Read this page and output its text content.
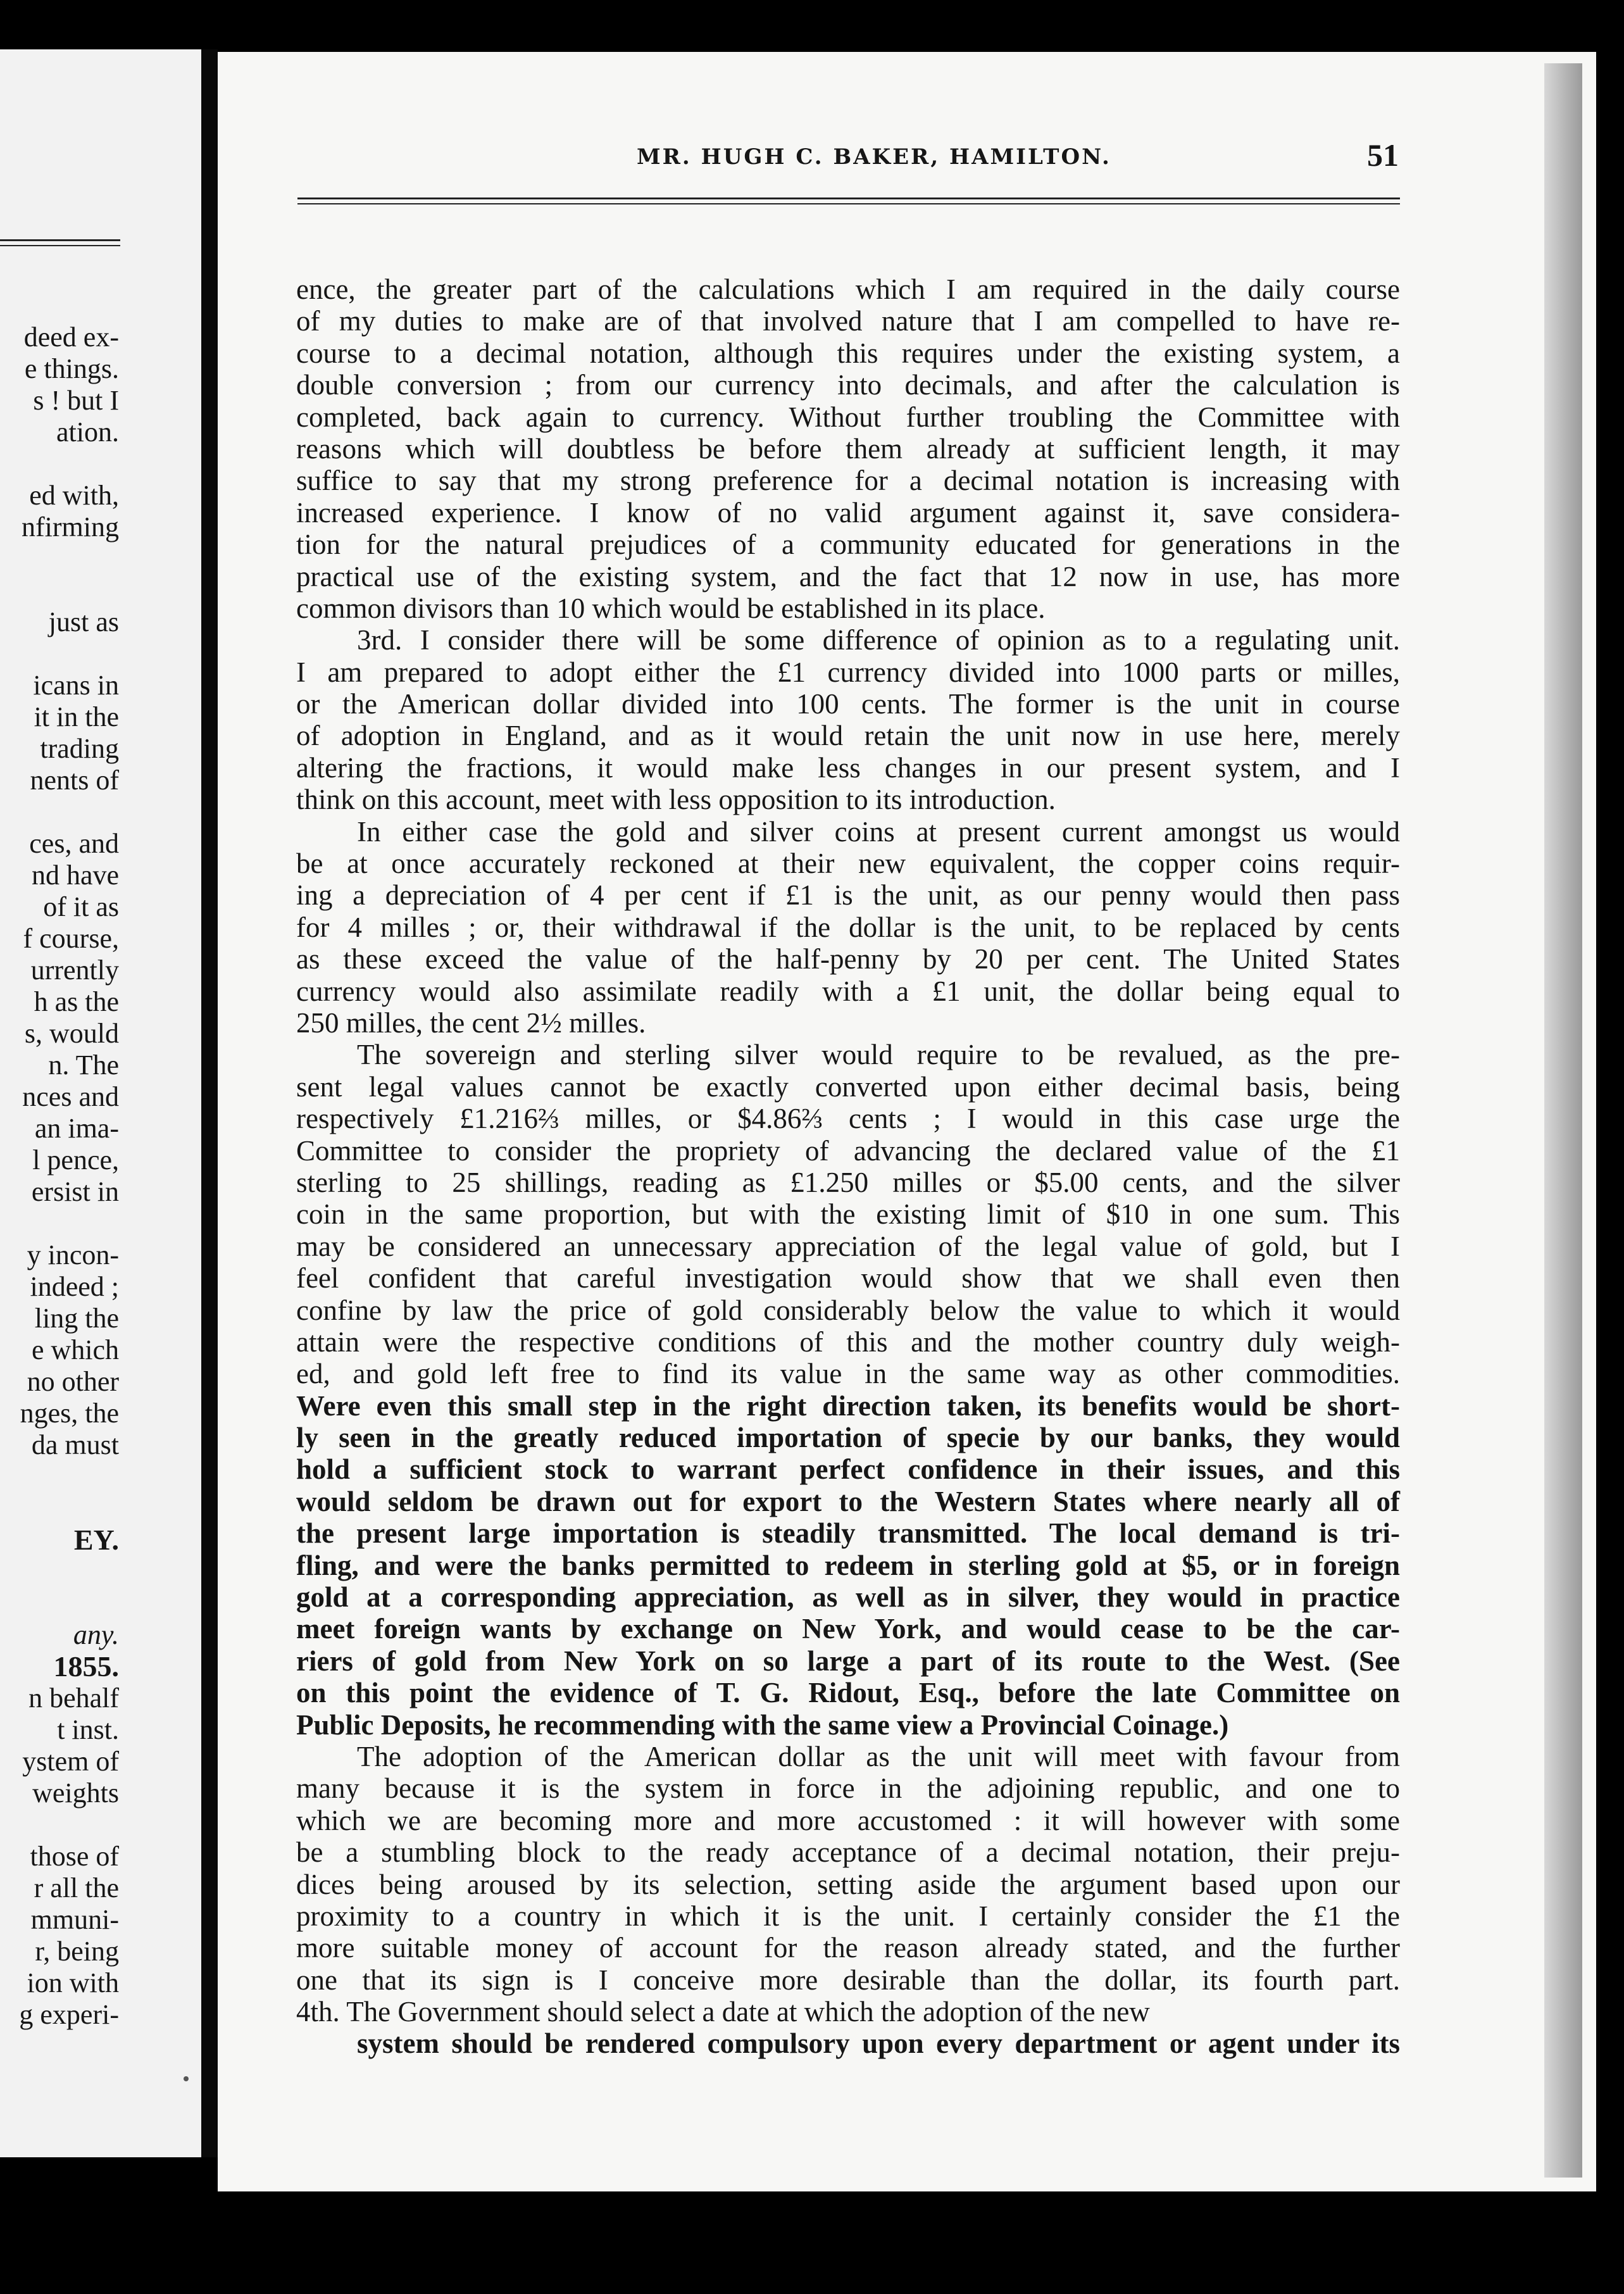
deed ex-
e things.
s ! but I
ation.
ed with,
nfirming
just as
icans in
it in the
trading
nents of
ces, and
nd have
of it as
f course,
urrently
h as the
s, would
n. The
nces and
an ima-
l pence,
ersist in
y incon-
indeed ;
ling the
e which
no other
nges, the
da must
EY.
any.
1855.
n behalf
t inst.
ystem of
weights
those of
r all the
mmuni-
r, being
ion with
g experi-
MR. HUGH C. BAKER, HAMILTON.	51
ence, the greater part of the calculations which I am required in the daily course
of my duties to make are of that involved nature that I am compelled to have re-
course to a decimal notation, although this requires under the existing system, a
double conversion ; from our currency into decimals, and after the calculation is
completed, back again to currency. Without further troubling the Committee with
reasons which will doubtless be before them already at sufficient length, it may
suffice to say that my strong preference for a decimal notation is increasing with
increased experience. I know of no valid argument against it, save considera-
tion for the natural prejudices of a community educated for generations in the
practical use of the existing system, and the fact that 12 now in use, has more
common divisors than 10 which would be established in its place.
3rd. I consider there will be some difference of opinion as to a regulating unit.
I am prepared to adopt either the £1 currency divided into 1000 parts or milles,
or the American dollar divided into 100 cents. The former is the unit in course
of adoption in England, and as it would retain the unit now in use here, merely
altering the fractions, it would make less changes in our present system, and I
think on this account, meet with less opposition to its introduction.
In either case the gold and silver coins at present current amongst us would
be at once accurately reckoned at their new equivalent, the copper coins requir-
ing a depreciation of 4 per cent if £1 is the unit, as our penny would then pass
for 4 milles ; or, their withdrawal if the dollar is the unit, to be replaced by cents
as these exceed the value of the half-penny by 20 per cent. The United States
currency would also assimilate readily with a £1 unit, the dollar being equal to
250 milles, the cent 2½ milles.
The sovereign and sterling silver would require to be revalued, as the pre-
sent legal values cannot be exactly converted upon either decimal basis, being
respectively £1.216⅔ milles, or $4.86⅔ cents ; I would in this case urge the
Committee to consider the propriety of advancing the declared value of the £1
sterling to 25 shillings, reading as £1.250 milles or $5.00 cents, and the silver
coin in the same proportion, but with the existing limit of $10 in one sum. This
may be considered an unnecessary appreciation of the legal value of gold, but I
feel confident that careful investigation would show that we shall even then
confine by law the price of gold considerably below the value to which it would
attain were the respective conditions of this and the mother country duly weigh-
ed, and gold left free to find its value in the same way as other commodities.
Were even this small step in the right direction taken, its benefits would be short-
ly seen in the greatly reduced importation of specie by our banks, they would
hold a sufficient stock to warrant perfect confidence in their issues, and this
would seldom be drawn out for export to the Western States where nearly all of
the present large importation is steadily transmitted. The local demand is tri-
fling, and were the banks permitted to redeem in sterling gold at $5, or in foreign
gold at a corresponding appreciation, as well as in silver, they would in practice
meet foreign wants by exchange on New York, and would cease to be the car-
riers of gold from New York on so large a part of its route to the West. (See
on this point the evidence of T. G. Ridout, Esq., before the late Committee on
Public Deposits, he recommending with the same view a Provincial Coinage.)
The adoption of the American dollar as the unit will meet with favour from
many because it is the system in force in the adjoining republic, and one to
which we are becoming more and more accustomed : it will however with some
be a stumbling block to the ready acceptance of a decimal notation, their preju-
dices being aroused by its selection, setting aside the argument based upon our
proximity to a country in which it is the unit. I certainly consider the £1 the
more suitable money of account for the reason already stated, and the further
one that its sign is I conceive more desirable than the dollar, its fourth part.
4th. The Government should select a date at which the adoption of the new
system should be rendered compulsory upon every department or agent under its
